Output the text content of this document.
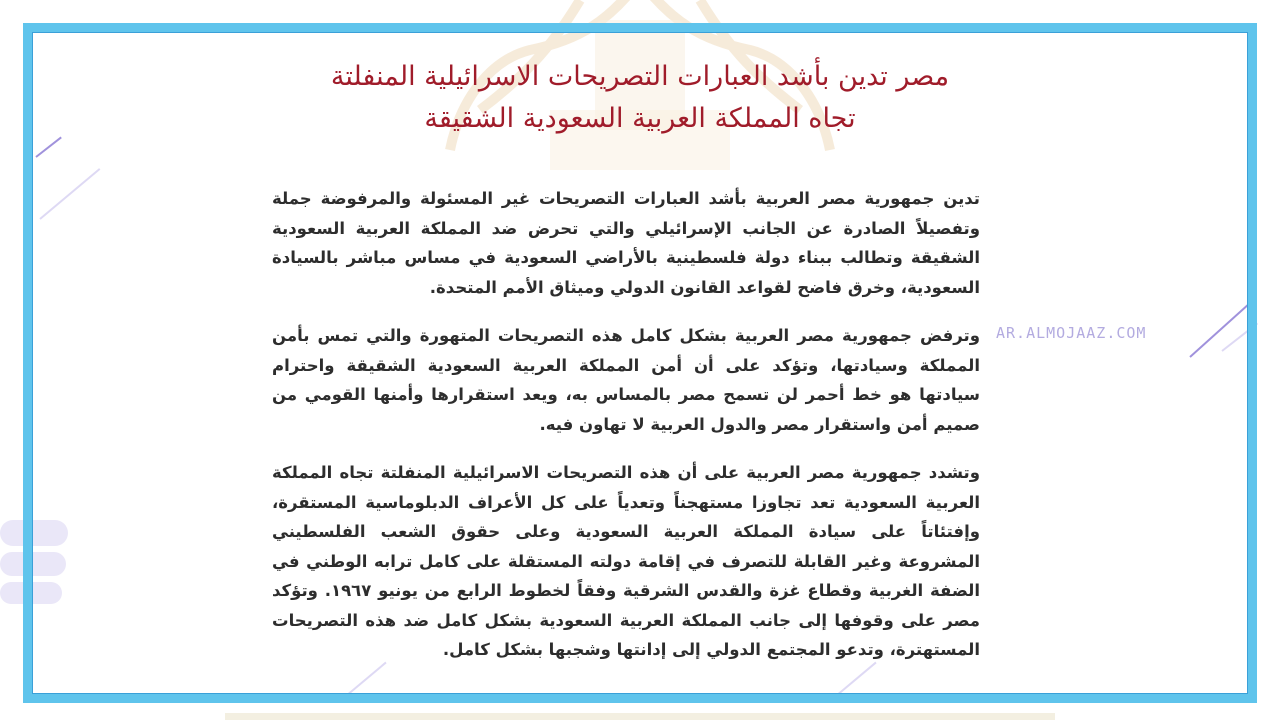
AR.ALMOJAAZ.COM
مصر تدين بأشد العبارات التصريحات الاسرائيلية المنفلتة
تجاه المملكة العربية السعودية الشقيقة

تدين جمهورية مصر العربية بأشد العبارات التصريحات غير المسئولة والمرفوضة جملة وتفصيلاً الصادرة عن الجانب الإسرائيلي والتي تحرض ضد المملكة العربية السعودية الشقيقة وتطالب ببناء دولة فلسطينية بالأراضي السعودية في مساس مباشر بالسيادة السعودية، وخرق فاضح لقواعد القانون الدولي وميثاق الأمم المتحدة.

وترفض جمهورية مصر العربية بشكل كامل هذه التصريحات المتهورة والتي تمس بأمن المملكة وسيادتها، وتؤكد على أن أمن المملكة العربية السعودية الشقيقة واحترام سيادتها هو خط أحمر لن تسمح مصر بالمساس به، ويعد استقرارها وأمنها القومي من صميم أمن واستقرار مصر والدول العربية لا تهاون فيه.

وتشدد جمهورية مصر العربية على أن هذه التصريحات الاسرائيلية المنفلتة تجاه المملكة العربية السعودية تعد تجاوزا مستهجناً وتعدياً على كل الأعراف الدبلوماسية المستقرة، وإفتئاتاً على سيادة المملكة العربية السعودية وعلى حقوق الشعب الفلسطيني المشروعة وغير القابلة للتصرف في إقامة دولته المستقلة على كامل ترابه الوطني في الضفة الغربية وقطاع غزة والقدس الشرقية وفقاً لخطوط الرابع من يونيو ١٩٦٧. وتؤكد مصر على وقوفها إلى جانب المملكة العربية السعودية بشكل كامل ضد هذه التصريحات المستهترة، وتدعو المجتمع الدولي إلى إدانتها وشجبها بشكل كامل.
